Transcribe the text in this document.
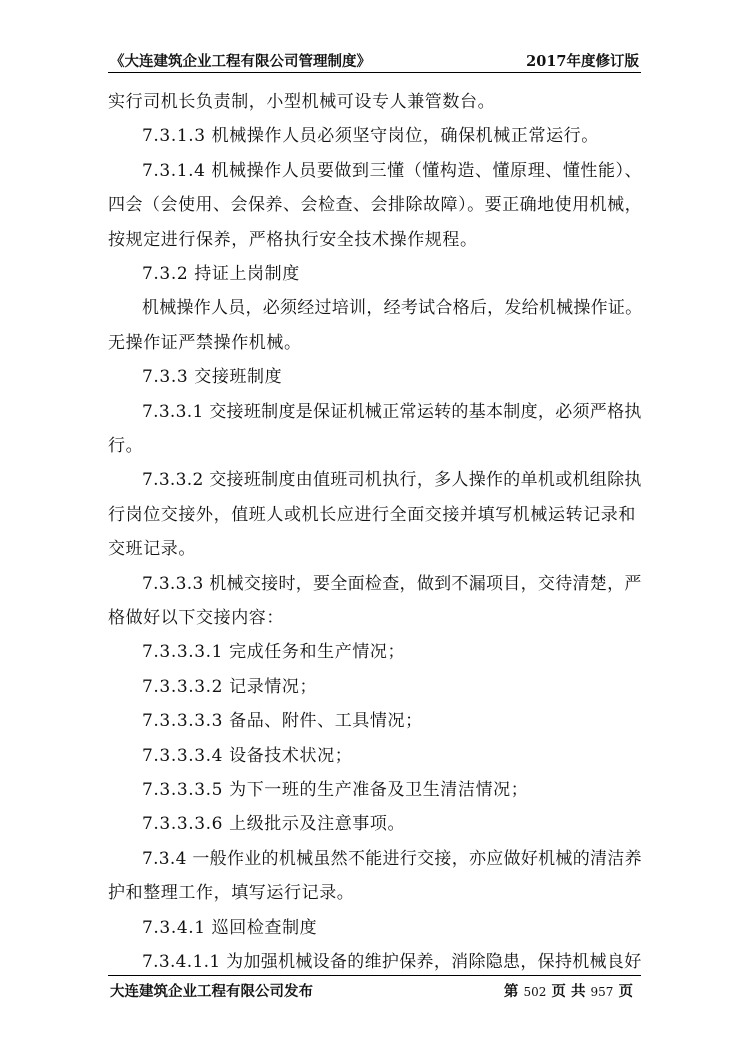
《大连建筑企业工程有限公司管理制度》	2017年度修订版
实行司机长负责制，小型机械可设专人兼管数台。
7.3.1.3 机械操作人员必须坚守岗位，确保机械正常运行。
7.3.1.4 机械操作人员要做到三懂（懂构造、懂原理、懂性能）、
四会（会使用、会保养、会检查、会排除故障）。要正确地使用机械，
按规定进行保养，严格执行安全技术操作规程。
7.3.2 持证上岗制度
机械操作人员，必须经过培训，经考试合格后，发给机械操作证。
无操作证严禁操作机械。
7.3.3 交接班制度
7.3.3.1 交接班制度是保证机械正常运转的基本制度，必须严格执
行。
7.3.3.2 交接班制度由值班司机执行，多人操作的单机或机组除执
行岗位交接外，值班人或机长应进行全面交接并填写机械运转记录和
交班记录。
7.3.3.3 机械交接时，要全面检查，做到不漏项目，交待清楚，严
格做好以下交接内容：
7.3.3.3.1 完成任务和生产情况；
7.3.3.3.2 记录情况；
7.3.3.3.3 备品、附件、工具情况；
7.3.3.3.4 设备技术状况；
7.3.3.3.5 为下一班的生产准备及卫生清洁情况；
7.3.3.3.6 上级批示及注意事项。
7.3.4 一般作业的机械虽然不能进行交接，亦应做好机械的清洁养
护和整理工作，填写运行记录。
7.3.4.1 巡回检查制度
7.3.4.1.1 为加强机械设备的维护保养，消除隐患，保持机械良好
大连建筑企业工程有限公司发布	第 502 页 共 957 页
